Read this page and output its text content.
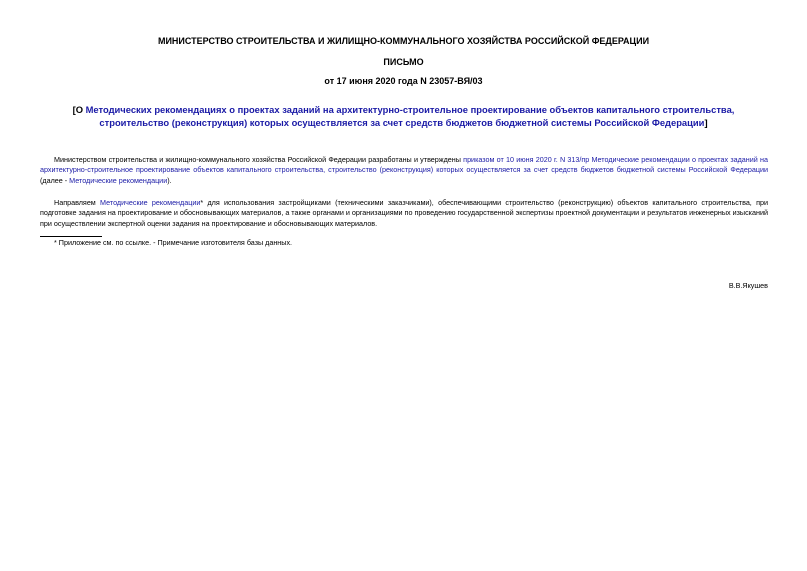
МИНИСТЕРСТВО СТРОИТЕЛЬСТВА И ЖИЛИЩНО-КОММУНАЛЬНОГО ХОЗЯЙСТВА РОССИЙСКОЙ ФЕДЕРАЦИИ
ПИСЬМО
от 17 июня 2020 года N 23057-ВЯ/03
[О Методических рекомендациях о проектах заданий на архитектурно-строительное проектирование объектов капитального строительства, строительство (реконструкция) которых осуществляется за счет средств бюджетов бюджетной системы Российской Федерации]
Министерством строительства и жилищно-коммунального хозяйства Российской Федерации разработаны и утверждены приказом от 10 июня 2020 г. N 313/пр Методические рекомендации о проектах заданий на архитектурно-строительное проектирование объектов капитального строительства, строительство (реконструкция) которых осуществляется за счет средств бюджетов бюджетной системы Российской Федерации (далее - Методические рекомендации).
Направляем Методические рекомендации* для использования застройщиками (техническими заказчиками), обеспечивающими строительство (реконструкцию) объектов капитального строительства, при подготовке задания на проектирование и обосновывающих материалов, а также органами и организациями по проведению государственной экспертизы проектной документации и результатов инженерных изысканий при осуществлении экспертной оценки задания на проектирование и обосновывающих материалов.
* Приложение см. по ссылке. - Примечание изготовителя базы данных.
В.В.Якушев
